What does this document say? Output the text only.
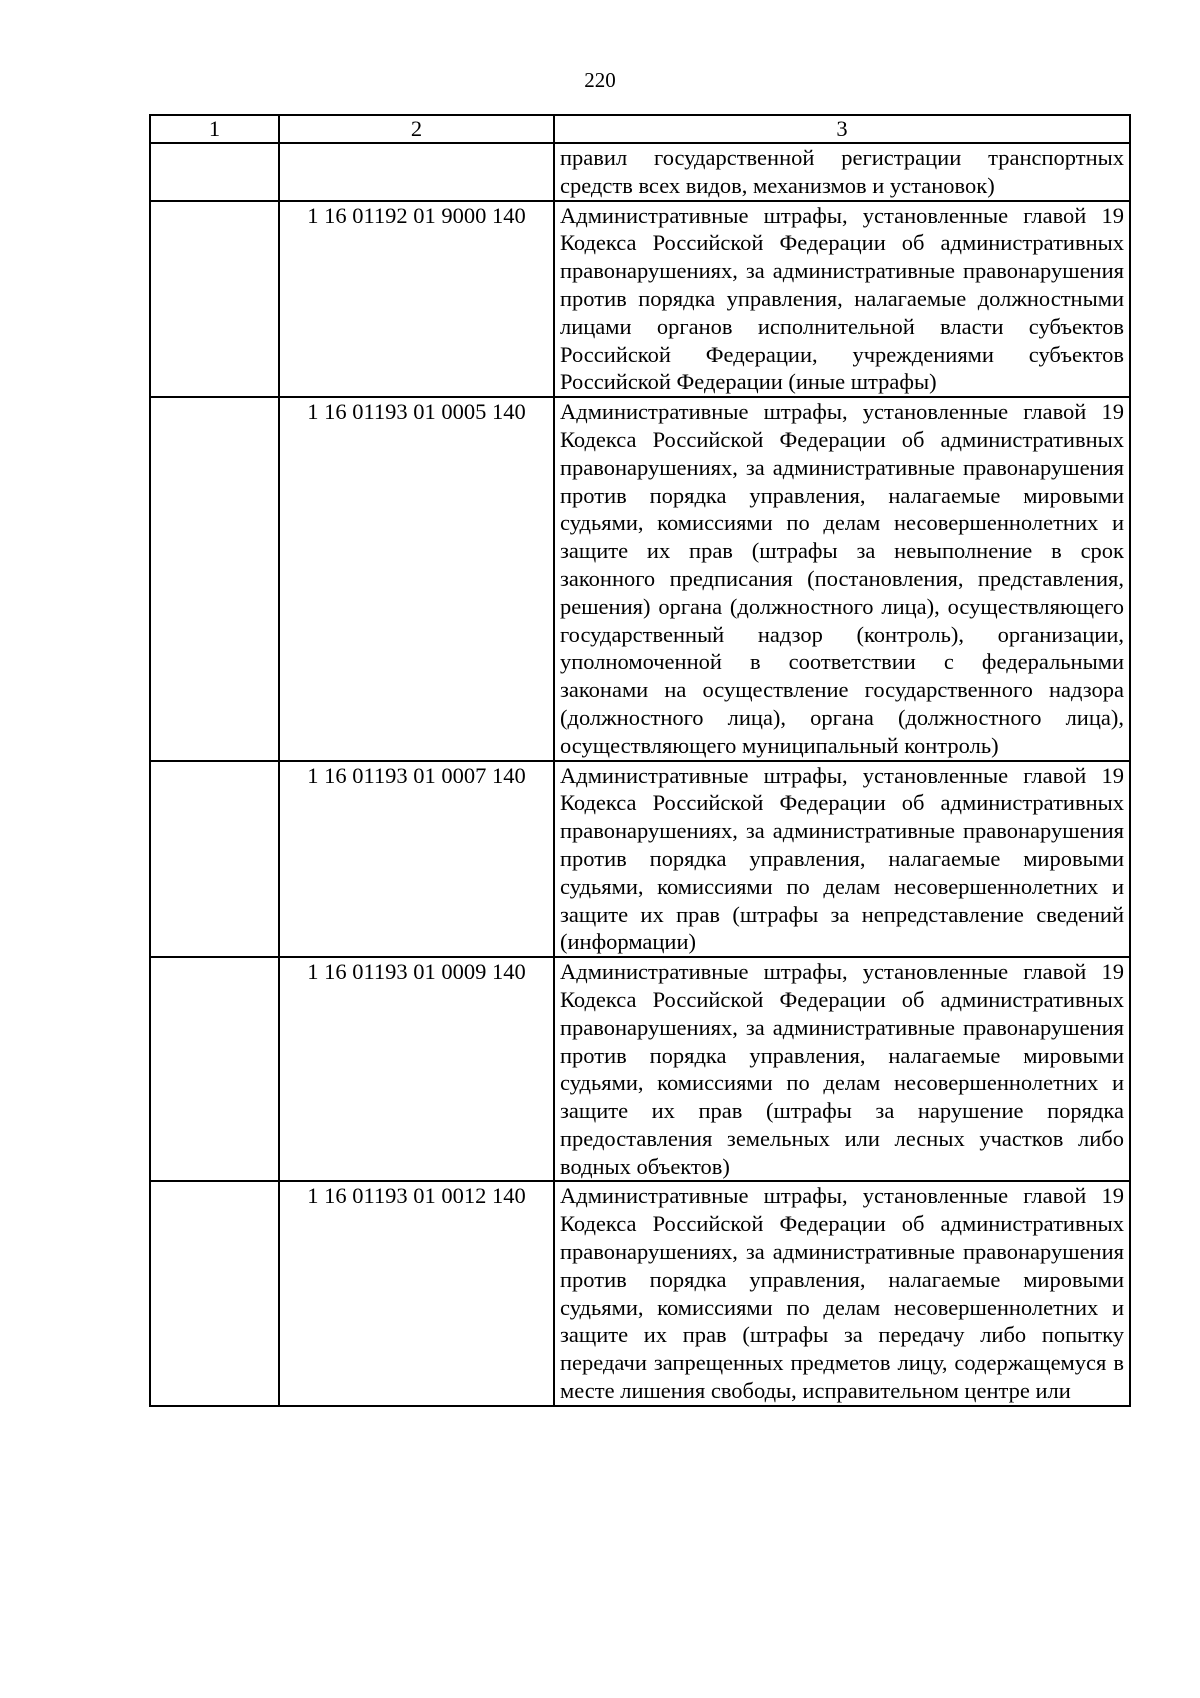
220
1	2	3
		правил государственной регистрации транспортных средств всех видов, механизмов и установок)
	1 16 01192 01 9000 140	Административные штрафы, установленные главой 19 Кодекса Российской Федерации об административных правонарушениях, за административные правонарушения против порядка управления, налагаемые должностными лицами органов исполнительной власти субъектов Российской Федерации, учреждениями субъектов Российской Федерации (иные штрафы)
	1 16 01193 01 0005 140	Административные штрафы, установленные главой 19 Кодекса Российской Федерации об административных правонарушениях, за административные правонарушения против порядка управления, налагаемые мировыми судьями, комиссиями по делам несовершеннолетних и защите их прав (штрафы за невыполнение в срок законного предписания (постановления, представления, решения) органа (должностного лица), осуществляющего государственный надзор (контроль), организации, уполномоченной в соответствии с федеральными законами на осуществление государственного надзора (должностного лица), органа (должностного лица), осуществляющего муниципальный контроль)
	1 16 01193 01 0007 140	Административные штрафы, установленные главой 19 Кодекса Российской Федерации об административных правонарушениях, за административные правонарушения против порядка управления, налагаемые мировыми судьями, комиссиями по делам несовершеннолетних и защите их прав (штрафы за непредставление сведений (информации)
	1 16 01193 01 0009 140	Административные штрафы, установленные главой 19 Кодекса Российской Федерации об административных правонарушениях, за административные правонарушения против порядка управления, налагаемые мировыми судьями, комиссиями по делам несовершеннолетних и защите их прав (штрафы за нарушение порядка предоставления земельных или лесных участков либо водных объектов)
	1 16 01193 01 0012 140	Административные штрафы, установленные главой 19 Кодекса Российской Федерации об административных правонарушениях, за административные правонарушения против порядка управления, налагаемые мировыми судьями, комиссиями по делам несовершеннолетних и защите их прав (штрафы за передачу либо попытку передачи запрещенных предметов лицу, содержащемуся в месте лишения свободы, исправительном центре или
